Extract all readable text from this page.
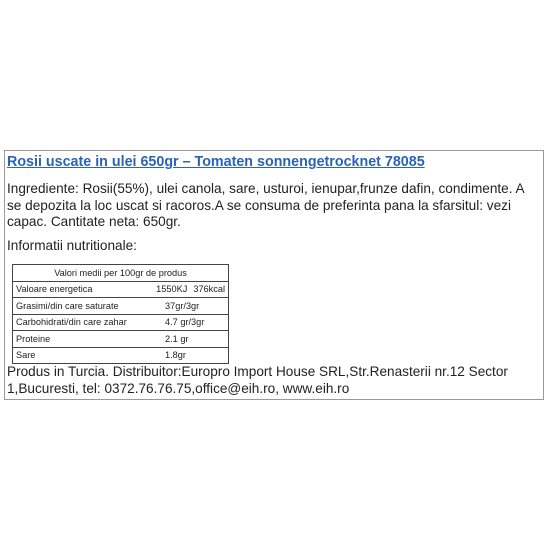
Rosii uscate in ulei 650gr – Tomaten sonnengetrocknet 78085

Ingrediente: Rosii(55%), ulei canola, sare, usturoi, ienupar,frunze dafin, condimente. A se depozita la loc uscat si racoros.A se consuma de preferinta pana la sfarsitul: vezi capac. Cantitate neta: 650gr.

Informatii nutritionale:

Valori medii per 100gr de produs

Valoare energetica	1550KJ 376kcal

Grasimi/din care saturate	37gr/3gr

Carbohidrati/din care zahar	4.7 gr/3gr

Proteine	2.1 gr

Sare	1.8gr

Produs in Turcia. Distribuitor:Europro Import House SRL,Str.Renasterii nr.12 Sector 1,Bucuresti, tel: 0372.76.76.75,office@eih.ro, www.eih.ro
